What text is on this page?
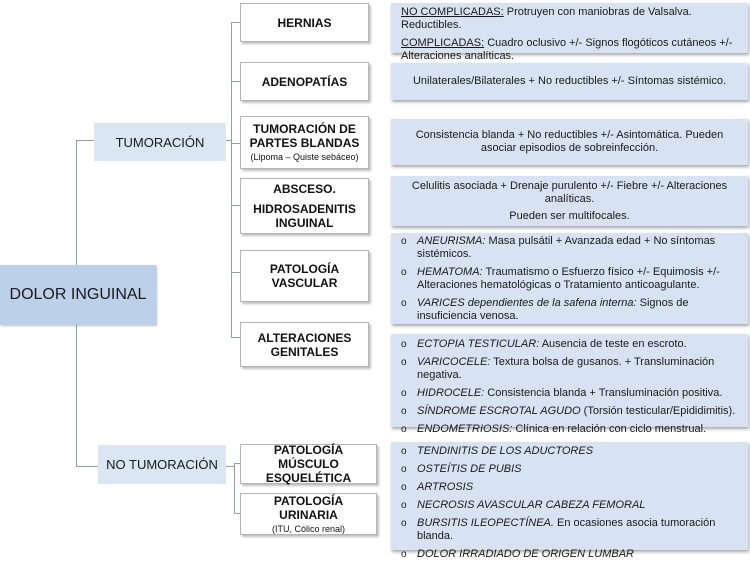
DOLOR INGUINAL
TUMORACIÓN
NO TUMORACIÓN
HERNIAS
ADENOPATÍAS
TUMORACIÓN DE
PARTES BLANDAS
(Lipoma – Quiste sebáceo)
ABSCESO.
HIDROSADENITIS
INGUINAL
PATOLOGÍA
VASCULAR
ALTERACIONES
GENITALES
PATOLOGÍA MÚSCULO
ESQUELÉTICA
PATOLOGÍA URINARIA
(ITU, Cólico renal)

NO COMPLICADAS: Protruyen con maniobras de Valsalva. Reductibles.

COMPLICADAS: Cuadro oclusivo +/- Signos flogóticos cutáneos +/- Alteraciones analíticas.

Unilaterales/Bilaterales + No reductibles +/- Síntomas sistémico.
Consistencia blanda + No reductibles +/- Asintomática. Pueden asociar episodios de sobreinfección.

Celulitis asociada + Drenaje purulento +/- Fiebre +/- Alteraciones analíticas.

Pueden ser multifocales.

o ANEURISMA: Masa pulsátil + Avanzada edad + No síntomas sistémicos.
o HEMATOMA: Traumatismo o Esfuerzo físico +/- Equimosis +/- Alteraciones hematológicas o Tratamiento anticoagulante.
o VARICES dependientes de la safena interna: Signos de insuficiencia venosa.
o ECTOPIA TESTICULAR: Ausencia de teste en escroto.
o VARICOCELE: Textura bolsa de gusanos. + Transluminación negativa.
o HIDROCELE: Consistencia blanda + Transluminación positiva.
o SÍNDROME ESCROTAL AGUDO (Torsión testicular/Epididimitis).
o ENDOMETRIOSIS: Clínica en relación con ciclo menstrual.
o TENDINITIS DE LOS ADUCTORES
o OSTEÍTIS DE PUBIS
o ARTROSIS
o NECROSIS AVASCULAR CABEZA FEMORAL
o BURSITIS ILEOPECTÍNEA. En ocasiones asocia tumoración blanda.
o DOLOR IRRADIADO DE ORIGEN LUMBAR
